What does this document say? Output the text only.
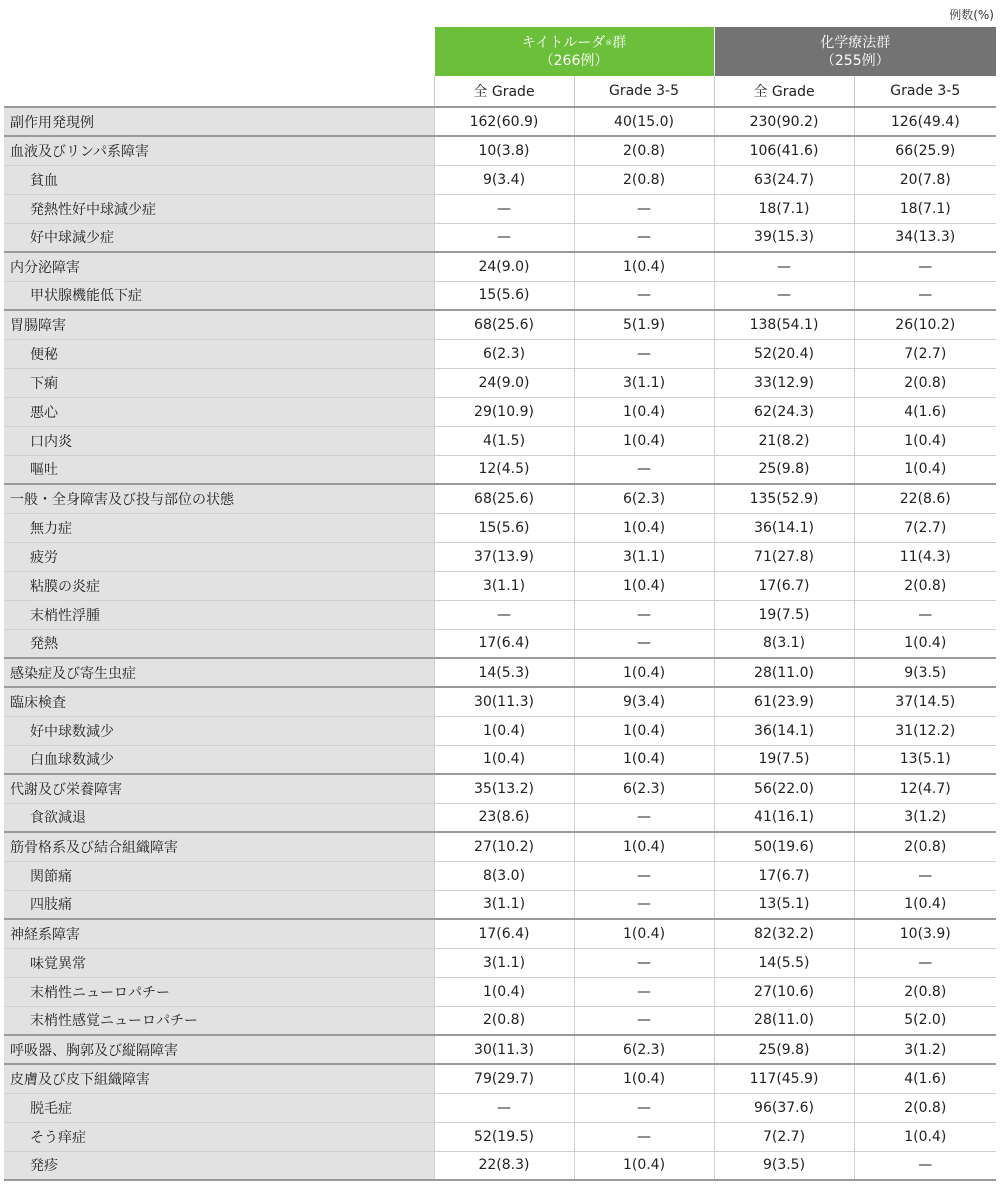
例数(%)
	キイトルーダ®群
（266例）		化学療法群
（255例）	
	全 Grade	Grade 3-5	全 Grade	Grade 3-5
副作用発現例	162(60.9)	40(15.0)	230(90.2)	126(49.4)
血液及びリンパ系障害	10(3.8)	2(0.8)	106(41.6)	66(25.9)
貧血	9(3.4)	2(0.8)	63(24.7)	20(7.8)
発熱性好中球減少症	—	—	18(7.1)	18(7.1)
好中球減少症	—	—	39(15.3)	34(13.3)
内分泌障害	24(9.0)	1(0.4)	—	—
甲状腺機能低下症	15(5.6)	—	—	—
胃腸障害	68(25.6)	5(1.9)	138(54.1)	26(10.2)
便秘	6(2.3)	—	52(20.4)	7(2.7)
下痢	24(9.0)	3(1.1)	33(12.9)	2(0.8)
悪心	29(10.9)	1(0.4)	62(24.3)	4(1.6)
口内炎	4(1.5)	1(0.4)	21(8.2)	1(0.4)
嘔吐	12(4.5)	—	25(9.8)	1(0.4)
一般・全身障害及び投与部位の状態	68(25.6)	6(2.3)	135(52.9)	22(8.6)
無力症	15(5.6)	1(0.4)	36(14.1)	7(2.7)
疲労	37(13.9)	3(1.1)	71(27.8)	11(4.3)
粘膜の炎症	3(1.1)	1(0.4)	17(6.7)	2(0.8)
末梢性浮腫	—	—	19(7.5)	—
発熱	17(6.4)	—	8(3.1)	1(0.4)
感染症及び寄生虫症	14(5.3)	1(0.4)	28(11.0)	9(3.5)
臨床検査	30(11.3)	9(3.4)	61(23.9)	37(14.5)
好中球数減少	1(0.4)	1(0.4)	36(14.1)	31(12.2)
白血球数減少	1(0.4)	1(0.4)	19(7.5)	13(5.1)
代謝及び栄養障害	35(13.2)	6(2.3)	56(22.0)	12(4.7)
食欲減退	23(8.6)	—	41(16.1)	3(1.2)
筋骨格系及び結合組織障害	27(10.2)	1(0.4)	50(19.6)	2(0.8)
関節痛	8(3.0)	—	17(6.7)	—
四肢痛	3(1.1)	—	13(5.1)	1(0.4)
神経系障害	17(6.4)	1(0.4)	82(32.2)	10(3.9)
味覚異常	3(1.1)	—	14(5.5)	—
末梢性ニューロパチー	1(0.4)	—	27(10.6)	2(0.8)
末梢性感覚ニューロパチー	2(0.8)	—	28(11.0)	5(2.0)
呼吸器、胸郭及び縦隔障害	30(11.3)	6(2.3)	25(9.8)	3(1.2)
皮膚及び皮下組織障害	79(29.7)	1(0.4)	117(45.9)	4(1.6)
脱毛症	—	—	96(37.6)	2(0.8)
そう痒症	52(19.5)	—	7(2.7)	1(0.4)
発疹	22(8.3)	1(0.4)	9(3.5)	—
